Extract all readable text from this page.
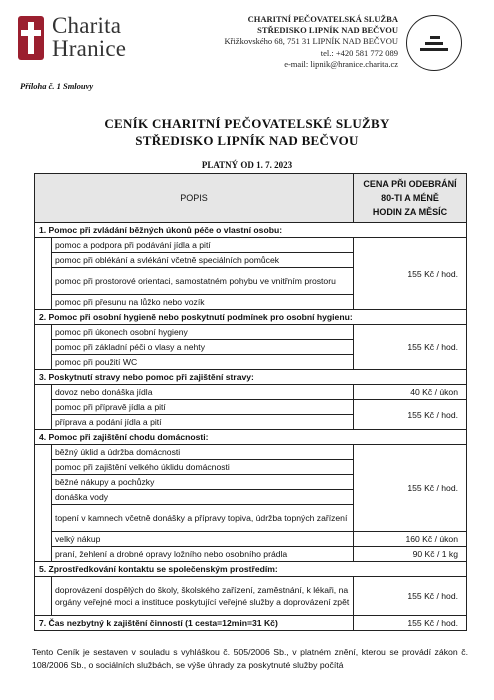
Charita
Hranice
CHARITNÍ PEČOVATELSKÁ SLUŽBA
STŘEDISKO LIPNÍK NAD BEČVOU
Křižkovského 68, 751 31 LIPNÍK NAD BEČVOU
tel.: +420 581 772 089
e-mail: lipnik@hranice.charita.cz
Příloha č. 1 Smlouvy
CENÍK CHARITNÍ PEČOVATELSKÉ SLUŽBY
STŘEDISKO LIPNÍK NAD BEČVOU
PLATNÝ OD 1. 7. 2023
POPIS		CENA PŘI ODEBRÁNÍ
80-TI A MÉNĚ
HODIN ZA MĚSÍC

1. Pomoc při zvládání běžných úkonů péče o vlastní osobu:		
	pomoc a podpora při podávání jídla a pití	155 Kč / hod.
	pomoc při oblékání a svlékání včetně speciálních pomůcek	
	pomoc při prostorové orientaci, samostatném pohybu ve vnitřním prostoru	
	pomoc při přesunu na lůžko nebo vozík	
2. Pomoc při osobní hygieně nebo poskytnutí podmínek pro osobní hygienu:		
	pomoc při úkonech osobní hygieny	155 Kč / hod.
	pomoc při základní péči o vlasy a nehty	
	pomoc při použití WC	
3. Poskytnutí stravy nebo pomoc při zajištění stravy:		
	dovoz nebo donáška jídla	40 Kč / úkon
	pomoc při přípravě jídla a pití	155 Kč / hod.
	příprava a podání jídla a pití	
4. Pomoc při zajištění chodu domácnosti:		
	běžný úklid a údržba domácnosti	155 Kč / hod.
	pomoc při zajištění velkého úklidu domácnosti	
	běžné nákupy a pochůzky	
	donáška vody	
	topení v kamnech včetně donášky a přípravy topiva, údržba topných zařízení	
	velký nákup	160 Kč / úkon
	praní, žehlení a drobné opravy ložního nebo osobního prádla	90 Kč / 1 kg
5. Zprostředkování kontaktu se společenským prostředím:		
	doprovázení dospělých do školy, školského zařízení, zaměstnání, k lékaři, na orgány veřejné moci a instituce poskytující veřejné služby a doprovázení zpět	155 Kč / hod.
7. Čas nezbytný k zajištění činností (1 cesta=12min=31 Kč)		155 Kč / hod.
Tento Ceník je sestaven v souladu s vyhláškou č. 505/2006 Sb., v platném znění, kterou se provádí zákon č. 108/2006 Sb., o sociálních službách, se výše úhrady za poskytnuté služby počítá
